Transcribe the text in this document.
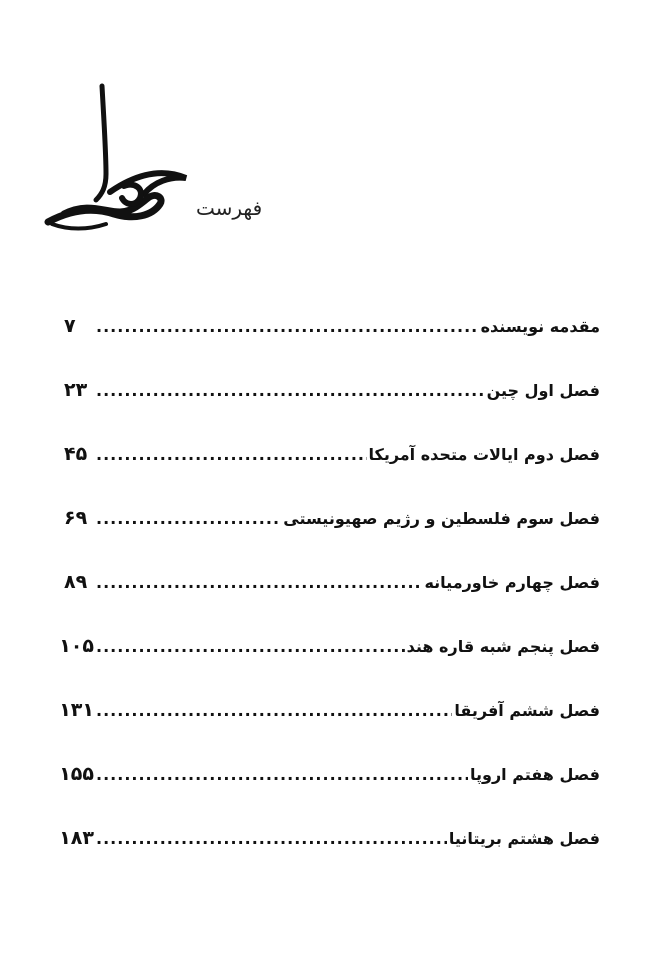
فهرست
مقدمه نویسنده
.....
۷
فصل اول چین
.....
۲۳
فصل دوم ایالات متحده آمریکا
.....
۴۵
فصل سوم فلسطین و رژیم صهیونیستی
.....
۶۹
فصل چهارم خاورمیانه
.....
۸۹
فصل پنجم شبه قاره هند
.....
۱۰۵
فصل ششم آفریقا
.....
۱۳۱
فصل هفتم اروپا
.....
۱۵۵
فصل هشتم بریتانیا
.....
۱۸۳
